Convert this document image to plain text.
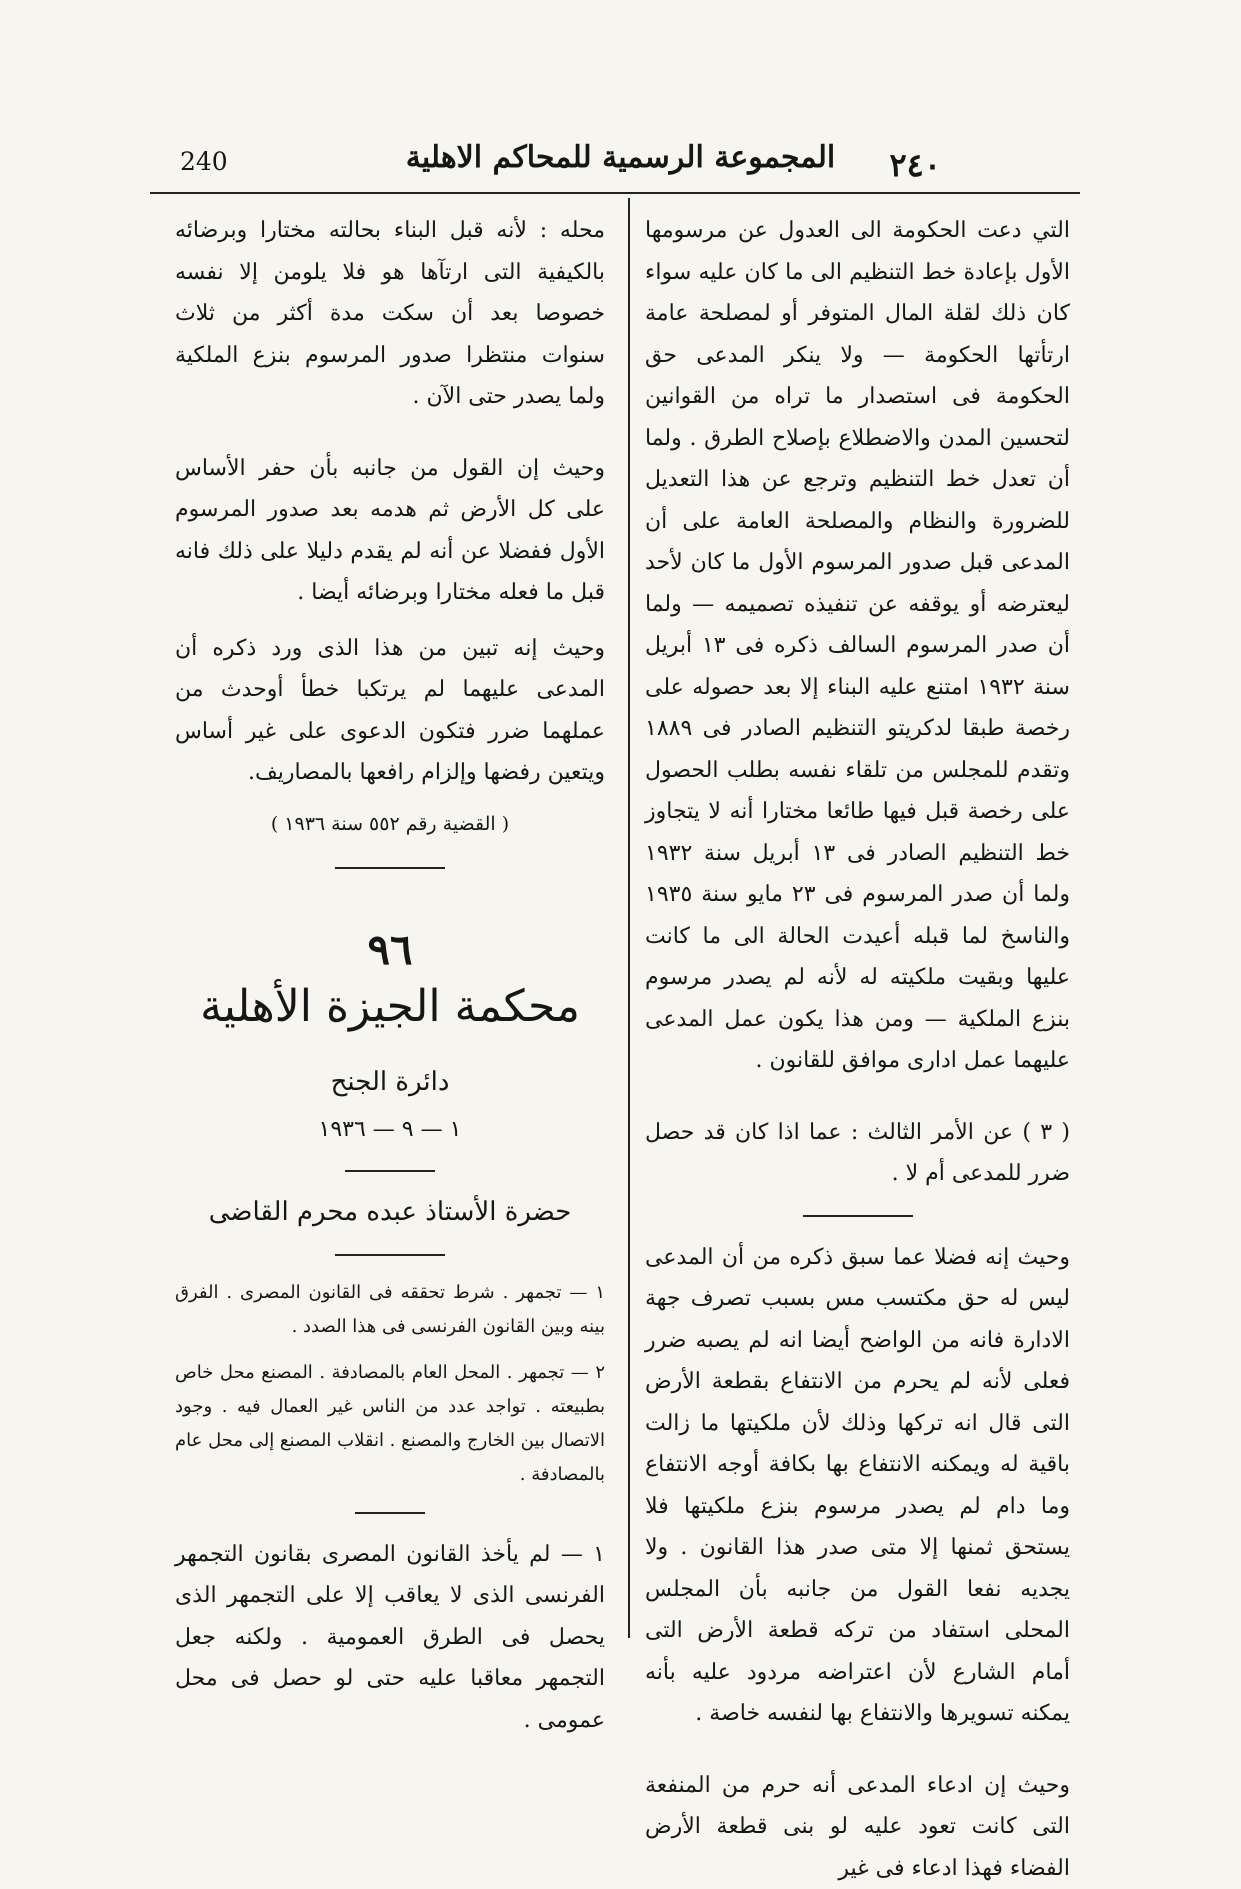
240	المجموعة الرسمية للمحاكم الاهلية	٢٤٠

التي دعت الحكومة الى العدول عن مرسومها الأول بإعادة خط التنظيم الى ما كان عليه سواء كان ذلك لقلة المال المتوفر أو لمصلحة عامة ارتأتها الحكومة — ولا ينكر المدعى حق الحكومة فى استصدار ما تراه من القوانين لتحسين المدن والاضطلاع بإصلاح الطرق . ولما أن تعدل خط التنظيم وترجع عن هذا التعديل للضرورة والنظام والمصلحة العامة على أن المدعى قبل صدور المرسوم الأول ما كان لأحد ليعترضه أو يوقفه عن تنفيذه تصميمه — ولما أن صدر المرسوم السالف ذكره فى ١٣ أبريل سنة ١٩٣٢ امتنع عليه البناء إلا بعد حصوله على رخصة طبقا لدكريتو التنظيم الصادر فى ١٨٨٩ وتقدم للمجلس من تلقاء نفسه بطلب الحصول على رخصة قبل فيها طائعا مختارا أنه لا يتجاوز خط التنظيم الصادر فى ١٣ أبريل سنة ١٩٣٢ ولما أن صدر المرسوم فى ٢٣ مايو سنة ١٩٣٥ والناسخ لما قبله أعيدت الحالة الى ما كانت عليها وبقيت ملكيته له لأنه لم يصدر مرسوم بنزع الملكية — ومن هذا يكون عمل المدعى عليهما عمل ادارى موافق للقانون .

( ٣ ) عن الأمر الثالث : عما اذا كان قد حصل ضرر للمدعى أم لا .

وحيث إنه فضلا عما سبق ذكره من أن المدعى ليس له حق مكتسب مس بسبب تصرف جهة الادارة فانه من الواضح أيضا انه لم يصبه ضرر فعلى لأنه لم يحرم من الانتفاع بقطعة الأرض التى قال انه تركها وذلك لأن ملكيتها ما زالت باقية له ويمكنه الانتفاع بها بكافة أوجه الانتفاع وما دام لم يصدر مرسوم بنزع ملكيتها فلا يستحق ثمنها إلا متى صدر هذا القانون . ولا يجديه نفعا القول من جانبه بأن المجلس المحلى استفاد من تركه قطعة الأرض التى أمام الشارع لأن اعتراضه مردود عليه بأنه يمكنه تسويرها والانتفاع بها لنفسه خاصة .

وحيث إن ادعاء المدعى أنه حرم من المنفعة التى كانت تعود عليه لو بنى قطعة الأرض الفضاء فهذا ادعاء فى غير

محله : لأنه قبل البناء بحالته مختارا وبرضائه بالكيفية التى ارتآها هو فلا يلومن إلا نفسه خصوصا بعد أن سكت مدة أكثر من ثلاث سنوات منتظرا صدور المرسوم بنزع الملكية ولما يصدر حتى الآن .

وحيث إن القول من جانبه بأن حفر الأساس على كل الأرض ثم هدمه بعد صدور المرسوم الأول ففضلا عن أنه لم يقدم دليلا على ذلك فانه قبل ما فعله مختارا وبرضائه أيضا .

وحيث إنه تبين من هذا الذى ورد ذكره أن المدعى عليهما لم يرتكبا خطأ أوحدث من عملهما ضرر فتكون الدعوى على غير أساس ويتعين رفضها وإلزام رافعها بالمصاريف.

( القضية رقم ٥٥٢ سنة ١٩٣٦ )
٩٦
محكمة الجيزة الأهلية
دائرة الجنح
١ — ٩ — ١٩٣٦
حضرة الأستاذ عبده محرم القاضى

١ — تجمهر . شرط تحققه فى القانون المصرى . الفرق بينه وبين القانون الفرنسى فى هذا الصدد .

٢ — تجمهر . المحل العام بالمصادفة . المصنع محل خاص بطبيعته . تواجد عدد من الناس غير العمال فيه . وجود الاتصال بين الخارج والمصنع . انقلاب المصنع إلى محل عام بالمصادفة .

١ — لم يأخذ القانون المصرى بقانون التجمهر الفرنسى الذى لا يعاقب إلا على التجمهر الذى يحصل فى الطرق العمومية . ولكنه جعل التجمهر معاقبا عليه حتى لو حصل فى محل عمومى .
